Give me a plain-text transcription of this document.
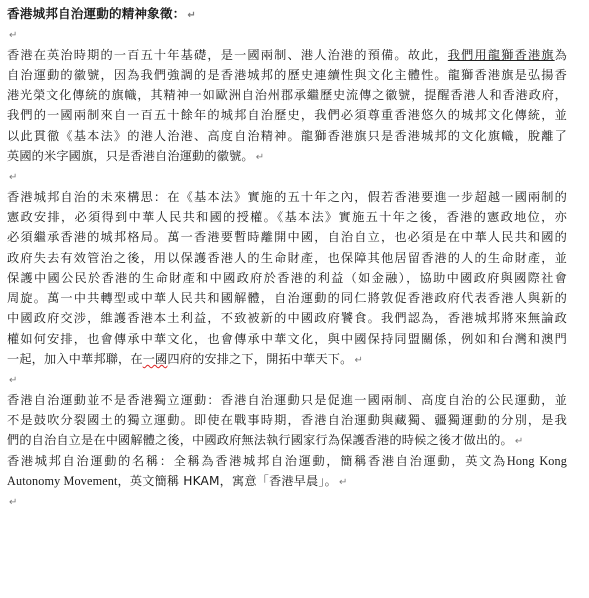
香港城邦自治運動的精神象徵： ↵
↵
香港在英治時期的一百五十年基礎，是一國兩制、港人治港的預備。故此，我們用龍獅香港旗為
自治運動的徽號，因為我們強調的是香港城邦的歷史連續性與文化主體性。龍獅香港旗是弘揚香
港光榮文化傳統的旗幟，其精神一如歐洲自治州郡承繼歷史流傳之徽號，提醒香港人和香港政府，
我們的一國兩制來自一百五十餘年的城邦自治歷史，我們必須尊重香港悠久的城邦文化傳統，並
以此貫徹《基本法》的港人治港、高度自治精神。龍獅香港旗只是香港城邦的文化旗幟，脫離了
英國的米字國旗，只是香港自治運動的徽號。 ↵
↵
香港城邦自治的未來構思：在《基本法》實施的五十年之內，假若香港要進一步超越一國兩制的
憲政安排，必須得到中華人民共和國的授權。《基本法》實施五十年之後，香港的憲政地位，亦
必須繼承香港的城邦格局。萬一香港要暫時離開中國，自治自立，也必須是在中華人民共和國的
政府失去有效管治之後，用以保護香港人的生命財產，也保障其他居留香港的人的生命財產，並
保護中國公民於香港的生命財產和中國政府於香港的利益（如金融），協助中國政府與國際社會
周旋。萬一中共轉型或中華人民共和國解體，自治運動的同仁將敦促香港政府代表香港人與新的
中國政府交涉，維護香港本土利益，不致被新的中國政府饕食。我們認為，香港城邦將來無論政
權如何安排，也會傳承中華文化，也會傳承中華文化，與中國保持同盟關係，例如和台灣和澳門
一起，加入中華邦聯，在一國四府的安排之下，開拓中華天下。 ↵
↵
香港自治運動並不是香港獨立運動：香港自治運動只是促進一國兩制、高度自治的公民運動，並
不是鼓吹分裂國土的獨立運動。即使在戰事時期，香港自治運動與藏獨、疆獨運動的分別，是我
們的自治自立是在中國解體之後，中國政府無法執行國家行為保護香港的時候之後才做出的。 ↵
香港城邦自治運動的名稱：全稱為香港城邦自治運動，簡稱香港自治運動，英文為Hong Kong
Autonomy Movement，英文簡稱 HKAM，寓意「香港早晨」。 ↵
↵
